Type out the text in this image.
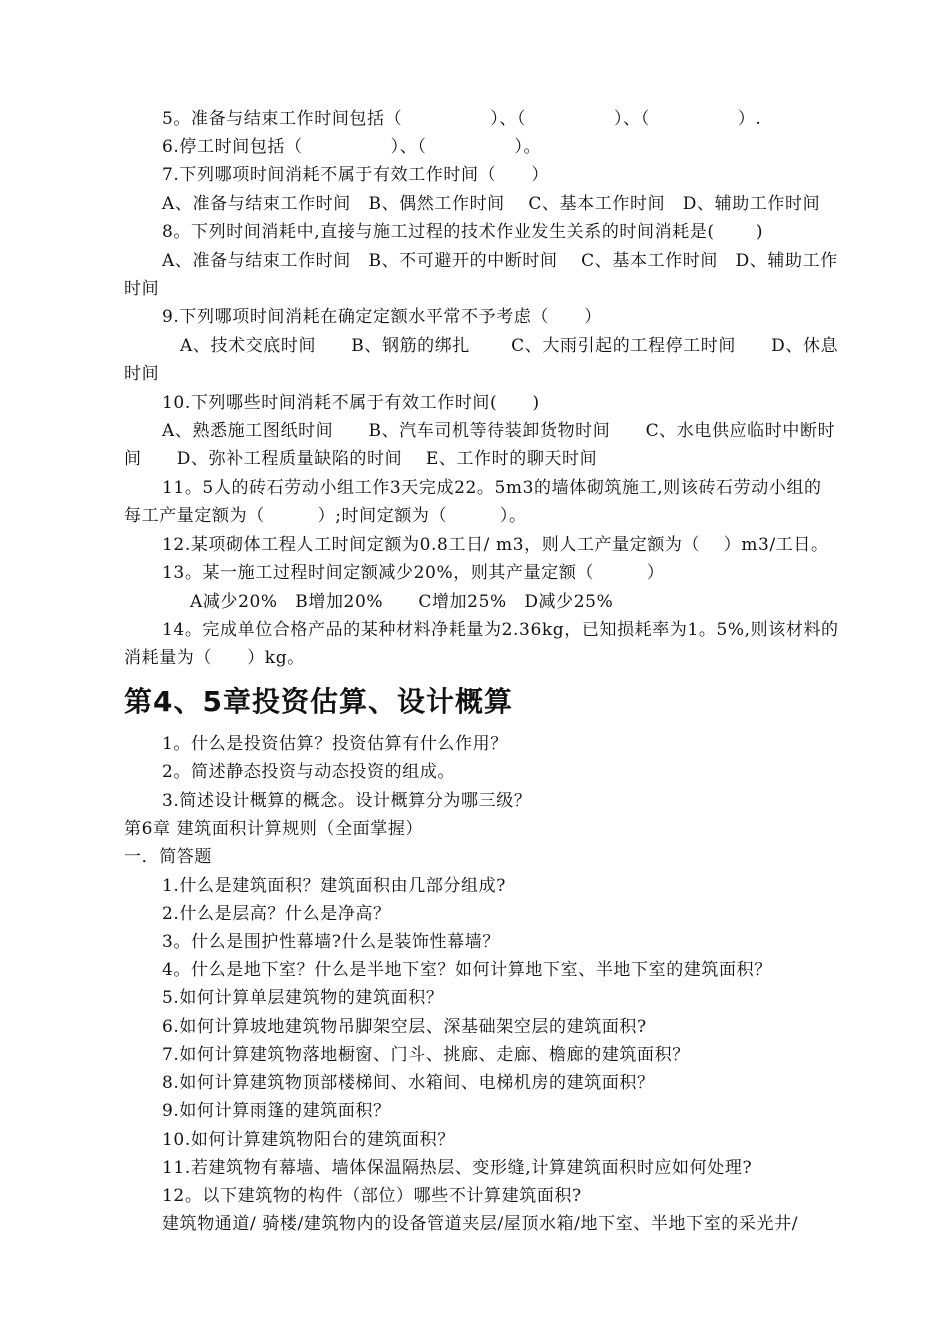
5。准备与结束工作时间包括（　　　　　）、（　　　　　）、（　　　　　）.
6.停工时间包括（　　　　　）、（　　　　　）。
7.下列哪项时间消耗不属于有效工作时间（　　）
A、准备与结束工作时间　B、偶然工作时间　 C、基本工作时间　D、辅助工作时间
8。下列时间消耗中,直接与施工过程的技术作业发生关系的时间消耗是(　　 )
A、准备与结束工作时间　B、不可避开的中断时间　 C、基本工作时间　D、辅助工作
时间
9.下列哪项时间消耗在确定定额水平常不予考虑（　　）
A、技术交底时间　　B、钢筋的绑扎　　 C、大雨引起的工程停工时间　　D、休息
时间
10.下列哪些时间消耗不属于有效工作时间(　　)
A、熟悉施工图纸时间　　B、汽车司机等待装卸货物时间　　C、水电供应临时中断时
间　　D、弥补工程质量缺陷的时间　 E、工作时的聊天时间
11。5人的砖石劳动小组工作3天完成22。5m3的墙体砌筑施工,则该砖石劳动小组的
每工产量定额为（　　　）;时间定额为（　　　）。
12.某项砌体工程人工时间定额为0.8工日/ m3，则人工产量定额为（　 ）m3/工日。
13。某一施工过程时间定额减少20%，则其产量定额（　　　）
A减少20%　B增加20%　　C增加25%　D减少25%
14。完成单位合格产品的某种材料净耗量为2.36kg，已知损耗率为1。5%,则该材料的
消耗量为（　　）kg。
第4、5章投资估算、设计概算
1。什么是投资估算？投资估算有什么作用？
2。简述静态投资与动态投资的组成。
3.简述设计概算的概念。设计概算分为哪三级？
第6章 建筑面积计算规则（全面掌握）
一．简答题
1.什么是建筑面积？建筑面积由几部分组成?
2.什么是层高？什么是净高？
3。什么是围护性幕墙?什么是装饰性幕墙？
4。什么是地下室？什么是半地下室？如何计算地下室、半地下室的建筑面积？
5.如何计算单层建筑物的建筑面积？
6.如何计算坡地建筑物吊脚架空层、深基础架空层的建筑面积?
7.如何计算建筑物落地橱窗、门斗、挑廊、走廊、檐廊的建筑面积？
8.如何计算建筑物顶部楼梯间、水箱间、电梯机房的建筑面积？
9.如何计算雨篷的建筑面积？
10.如何计算建筑物阳台的建筑面积？
11.若建筑物有幕墙、墙体保温隔热层、变形缝,计算建筑面积时应如何处理?
12。以下建筑物的构件（部位）哪些不计算建筑面积?
建筑物通道/ 骑楼/建筑物内的设备管道夹层/屋顶水箱/地下室、半地下室的采光井/
